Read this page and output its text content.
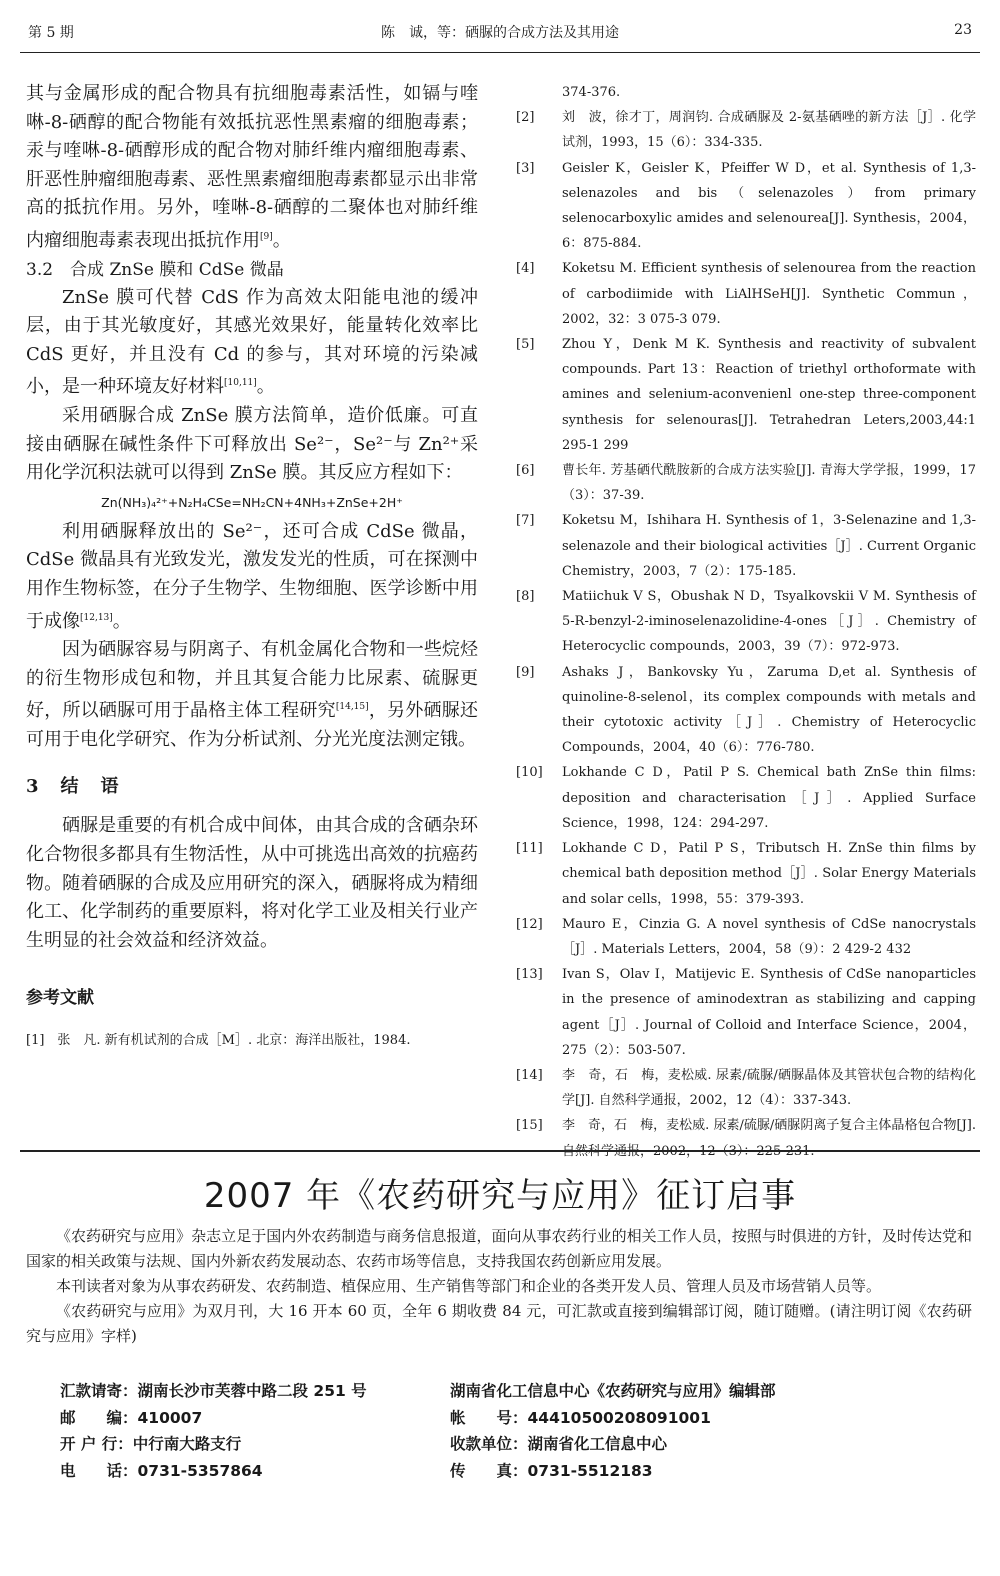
第 5 期	陈　诚，等：硒脲的合成方法及其用途	23

其与金属形成的配合物具有抗细胞毒素活性，如镉与喹啉-8-硒醇的配合物能有效抵抗恶性黑素瘤的细胞毒素；汞与喹啉-8-硒醇形成的配合物对肺纤维内瘤细胞毒素、肝恶性肿瘤细胞毒素、恶性黑素瘤细胞毒素都显示出非常高的抵抗作用。另外，喹啉-8-硒醇的二聚体也对肺纤维内瘤细胞毒素表现出抵抗作用[9]。

3.2　合成 ZnSe 膜和 CdSe 微晶

ZnSe 膜可代替 CdS 作为高效太阳能电池的缓冲层，由于其光敏度好，其感光效果好，能量转化效率比CdS 更好，并且没有 Cd 的参与，其对环境的污染减小，是一种环境友好材料[10,11]。

采用硒脲合成 ZnSe 膜方法简单，造价低廉。可直接由硒脲在碱性条件下可释放出 Se²⁻，Se²⁻与 Zn²⁺采用化学沉积法就可以得到 ZnSe 膜。其反应方程如下：

Zn(NH₃)₄²⁺+N₂H₄CSe=NH₂CN+4NH₃+ZnSe+2H⁺

利用硒脲释放出的 Se²⁻，还可合成 CdSe 微晶，CdSe 微晶具有光致发光，激发发光的性质，可在探测中用作生物标签，在分子生物学、生物细胞、医学诊断中用于成像[12,13]。

因为硒脲容易与阴离子、有机金属化合物和一些烷烃的衍生物形成包和物，并且其复合能力比尿素、硫脲更好，所以硒脲可用于晶格主体工程研究[14,15]，另外硒脲还可用于电化学研究、作为分析试剂、分光光度法测定锇。

3　结　语

硒脲是重要的有机合成中间体，由其合成的含硒杂环化合物很多都具有生物活性，从中可挑选出高效的抗癌药物。随着硒脲的合成及应用研究的深入，硒脲将成为精细化工、化学制药的重要原料，将对化学工业及相关行业产生明显的社会效益和经济效益。

参考文献

[1]　张　凡. 新有机试剂的合成［M］. 北京：海洋出版社，1984.

374-376.

[2]	刘　波，徐才丁，周润钧. 合成硒脲及 2-氨基硒唑的新方法［J］. 化学试剂，1993，15（6）：334-335.

[3]	Geisler K，Geisler K，Pfeiffer W D，et al. Synthesis of 1,3-selenazoles and bis（selenazoles）from primary selenocarboxylic amides and selenourea[J]. Synthesis，2004，6：875-884.

[4]	Koketsu M. Efficient synthesis of selenourea from the reaction of carbodiimide with LiAlHSeH[J]. Synthetic Commun，2002，32：3 075-3 079.

[5]	Zhou Y，Denk M K. Synthesis and reactivity of subvalent compounds. Part 13：Reaction of triethyl orthoformate with amines and selenium-aconvenienl one-step three-component synthesis for selenouras[J]. Tetrahedran Leters,2003,44:1 295-1 299

[6]	曹长年. 芳基硒代酰胺新的合成方法实验[J]. 青海大学学报，1999，17（3）：37-39.

[7]	Koketsu M，Ishihara H. Synthesis of 1，3-Selenazine and 1,3-selenazole and their biological activities［J］. Current Organic Chemistry，2003，7（2）：175-185.

[8]	Matiichuk V S，Obushak N D，Tsyalkovskii V M. Synthesis of 5-R-benzyl-2-iminoselenazolidine-4-ones［J］. Chemistry of Heterocyclic compounds，2003，39（7）：972-973.

[9]	Ashaks J，Bankovsky Yu，Zaruma D,et al. Synthesis of quinoline-8-selenol，its complex compounds with metals and their cytotoxic activity［J］. Chemistry of Heterocyclic Compounds，2004，40（6）：776-780.

[10]	Lokhande C D，Patil P S. Chemical bath ZnSe thin films: deposition and characterisation［J］. Applied Surface Science，1998，124：294-297.

[11]	Lokhande C D，Patil P S，Tributsch H. ZnSe thin films by chemical bath deposition method［J］. Solar Energy Materials and solar cells，1998，55：379-393.

[12]	Mauro E，Cinzia G. A novel synthesis of CdSe nanocrystals［J］. Materials Letters，2004，58（9）：2 429-2 432

[13]	Ivan S，Olav I，Matijevic E. Synthesis of CdSe nanoparticles in the presence of aminodextran as stabilizing and capping agent［J］. Journal of Colloid and Interface Science，2004，275（2）：503-507.

[14]	李　奇，石　梅，麦松威. 尿素/硫脲/硒脲晶体及其管状包合物的结构化学[J]. 自然科学通报，2002，12（4）：337-343.

[15]	李　奇，石　梅，麦松威. 尿素/硫脲/硒脲阴离子复合主体晶格包合物[J]. 自然科学通报，2002，12（3）：225-231.

2007 年《农药研究与应用》征订启事

《农药研究与应用》杂志立足于国内外农药制造与商务信息报道，面向从事农药行业的相关工作人员，按照与时俱进的方针，及时传达党和国家的相关政策与法规、国内外新农药发展动态、农药市场等信息，支持我国农药创新应用发展。

本刊读者对象为从事农药研发、农药制造、植保应用、生产销售等部门和企业的各类开发人员、管理人员及市场营销人员等。

《农药研究与应用》为双月刊，大 16 开本 60 页，全年 6 期收费 84 元，可汇款或直接到编辑部订阅，随订随赠。(请注明订阅《农药研究与应用》字样)

汇款请寄：湖南长沙市芙蓉中路二段 251 号
邮　　编：410007
开 户 行：中行南大路支行
电　　话：0731-5357864
湖南省化工信息中心《农药研究与应用》编辑部
帐　　号：44410500208091001
收款单位：湖南省化工信息中心
传　　真：0731-5512183
